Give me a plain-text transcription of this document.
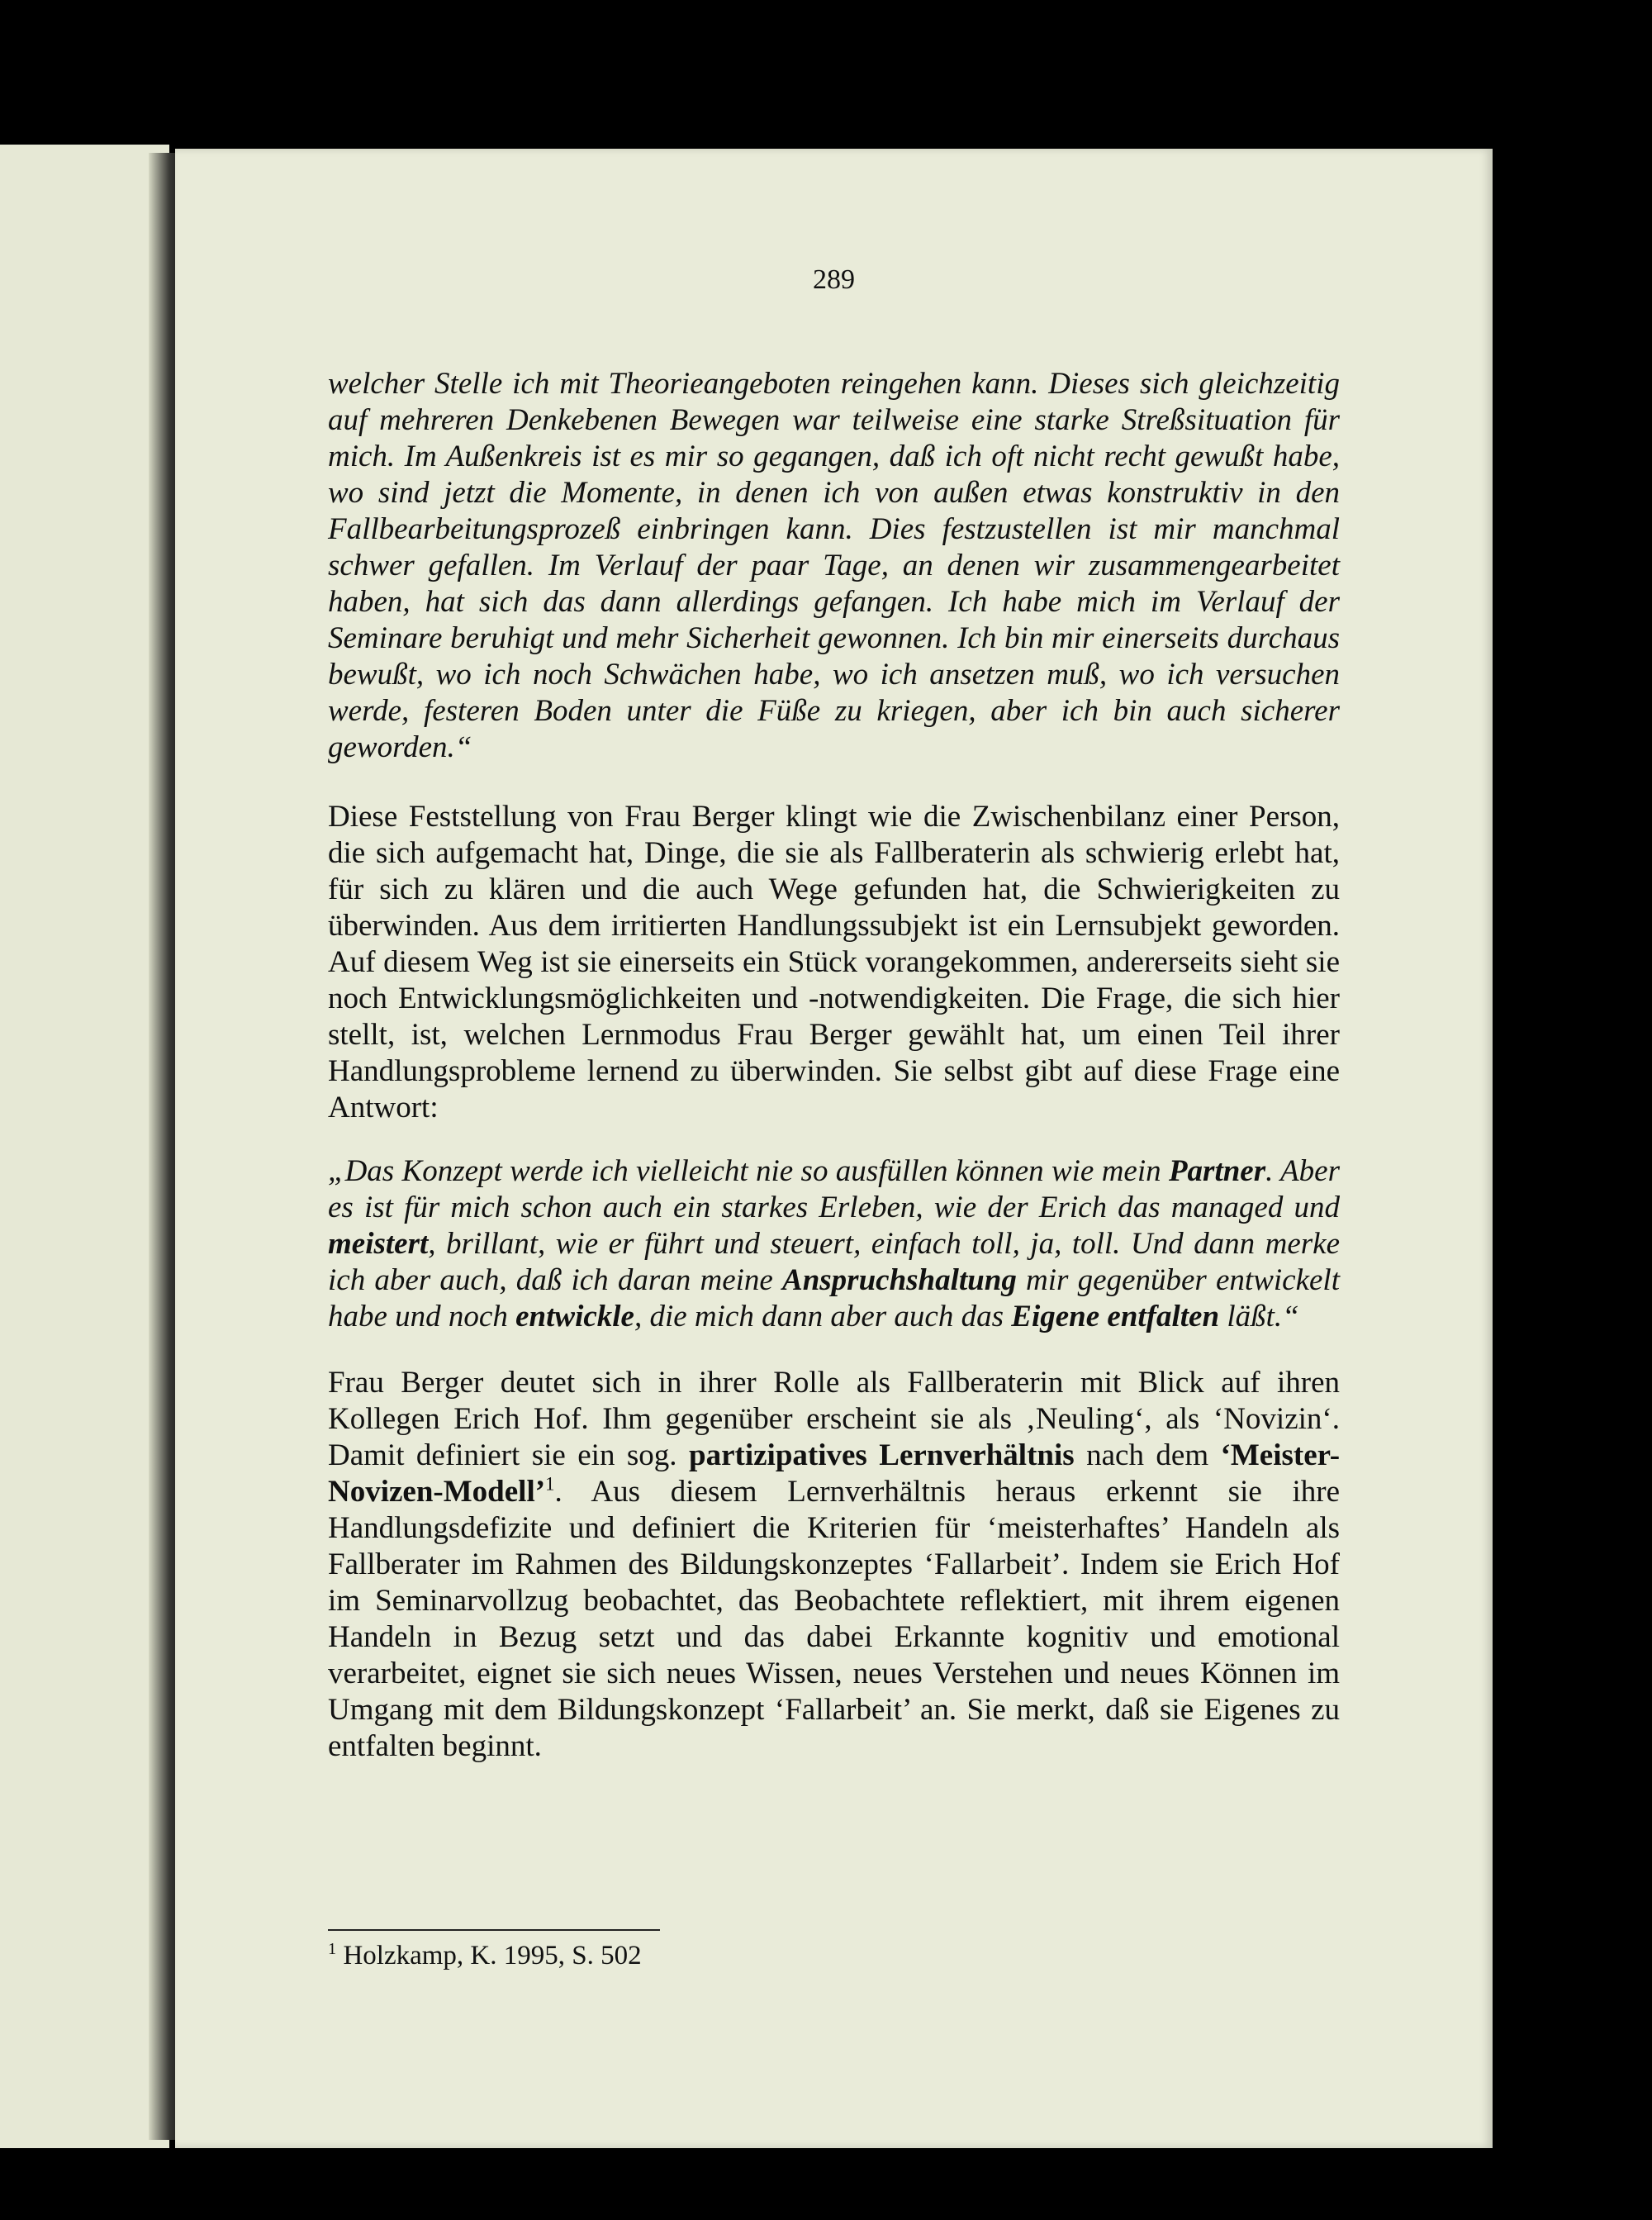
289

welcher Stelle ich mit Theorieangeboten reingehen kann. Dieses sich gleichzeitig auf mehreren Denkebenen Bewegen war teilweise eine starke Streßsituation für mich. Im Außenkreis ist es mir so gegangen, daß ich oft nicht recht gewußt habe, wo sind jetzt die Momente, in denen ich von außen etwas konstruktiv in den Fallbearbeitungsprozeß einbringen kann. Dies festzustellen ist mir manchmal schwer gefallen. Im Verlauf der paar Tage, an denen wir zusammengearbeitet haben, hat sich das dann allerdings gefangen. Ich habe mich im Verlauf der Seminare beruhigt und mehr Sicherheit gewonnen. Ich bin mir einerseits durchaus bewußt, wo ich noch Schwächen habe, wo ich ansetzen muß, wo ich versuchen werde, festeren Boden unter die Füße zu kriegen, aber ich bin auch sicherer geworden.“

Diese Feststellung von Frau Berger klingt wie die Zwischenbilanz einer Person, die sich aufgemacht hat, Dinge, die sie als Fallberaterin als schwierig erlebt hat, für sich zu klären und die auch Wege gefunden hat, die Schwierigkeiten zu überwinden. Aus dem irritierten Handlungssubjekt ist ein Lernsubjekt geworden. Auf diesem Weg ist sie einerseits ein Stück vorangekommen, andererseits sieht sie noch Entwicklungsmöglichkeiten und -notwendigkeiten. Die Frage, die sich hier stellt, ist, welchen Lernmodus Frau Berger gewählt hat, um einen Teil ihrer Handlungsprobleme lernend zu überwinden. Sie selbst gibt auf diese Frage eine Antwort:

„Das Konzept werde ich vielleicht nie so ausfüllen können wie mein Partner. Aber es ist für mich schon auch ein starkes Erleben, wie der Erich das managed und meistert, brillant, wie er führt und steuert, einfach toll, ja, toll. Und dann merke ich aber auch, daß ich daran meine Anspruchshaltung mir gegenüber entwickelt habe und noch entwickle, die mich dann aber auch das Eigene entfalten läßt.“

Frau Berger deutet sich in ihrer Rolle als Fallberaterin mit Blick auf ihren Kollegen Erich Hof. Ihm gegenüber erscheint sie als ‚Neuling‘, als ‘Novizin‘. Damit definiert sie ein sog. partizipatives Lernverhältnis nach dem ‘Meister-Novizen-Modell’$^1$. Aus diesem Lernverhältnis heraus erkennt sie ihre Handlungsdefizite und definiert die Kriterien für ‘meisterhaftes’ Handeln als Fallberater im Rahmen des Bildungskonzeptes ‘Fallarbeit’. Indem sie Erich Hof im Seminarvollzug beobachtet, das Beobachtete reflektiert, mit ihrem eigenen Handeln in Bezug setzt und das dabei Erkannte kognitiv und emotional verarbeitet, eignet sie sich neues Wissen, neues Verstehen und neues Können im Umgang mit dem Bildungskonzept ‘Fallarbeit’ an. Sie merkt, daß sie Eigenes zu entfalten beginnt.

$^1$ Holzkamp, K. 1995, S. 502
